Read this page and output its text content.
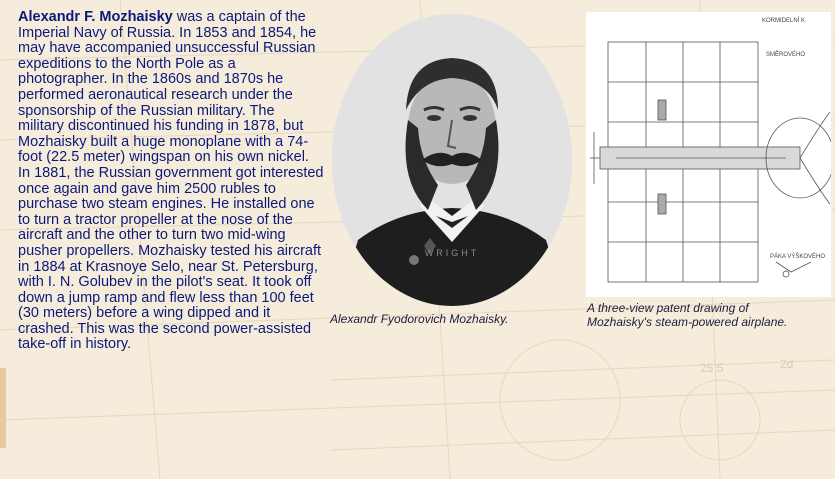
25 5	2d
Alexandr F. Mozhaisky was a captain of the Imperial Navy of Russia. In 1853 and 1854, he may have accompanied unsuccessful Russian expeditions to the North Pole as a photographer. In the 1860s and 1870s he performed aeronautical research under the sponsorship of the Russian military. The military discontinued his funding in 1878, but Mozhaisky built a huge monoplane with a 74-foot (22.5 meter) wingspan on his own nickel. In 1881, the Russian government got interested once again and gave him 2500 rubles to purchase two steam engines. He installed one to turn a tractor propeller at the nose of the aircraft and the other to turn two mid-wing pusher propellers. Mozhaisky tested his aircraft in 1884 at Krasnoye Selo, near St. Petersburg, with I. N. Golubev in the pilot's seat. It took off down a jump ramp and flew less than 100 feet (30 meters) before a wing dipped and it crashed. This was the second power-assisted take-off in history.
WRIGHT
Alexandr Fyodorovich Mozhaisky.
KORMIDELNÍ K
SMĚROVÉHO
PÁKA VÝŠKOVÉHO
A three-view patent drawing of
Mozhaisky's steam-powered airplane.
